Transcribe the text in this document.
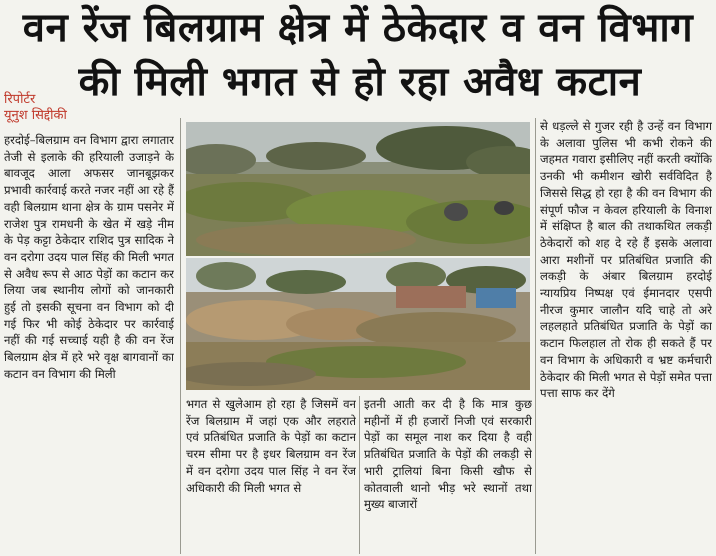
वन रेंज बिलग्राम क्षेत्र में ठेकेदार व वन विभाग
की मिली भगत से हो रहा अवैध कटान
रिपोर्टर
यूनुश सिद्दीकी
हरदोई–बिलग्राम वन विभाग द्वारा लगातार तेजी से इलाके की हरियाली उजाड़ने के बावजूद आला अफसर जानबूझकर प्रभावी कार्रवाई करते नजर नहीं आ रहे हैं वही बिलग्राम थाना क्षेत्र के ग्राम पसनेर में राजेश पुत्र रामधनी के खेत में खड़े नीम के पेड़ कट्टा ठेकेदार राशिद पुत्र सादिक ने वन दरोगा उदय पाल सिंह की मिली भगत से अवैध रूप से आठ पेड़ों का कटान कर लिया जब स्थानीय लोगों को जानकारी हुई तो इसकी सूचना वन विभाग को दी गई फिर भी कोई ठेकेदार पर कार्रवाई नहीं की गई सच्चाई यही है की वन रेंज बिलग्राम क्षेत्र में हरे भरे वृक्ष बागवानों का कटान वन विभाग की मिली
भगत से खुलेआम हो रहा है जिसमें वन रेंज बिलग्राम में जहां एक और लहराते एवं प्रतिबंधित प्रजाति के पेड़ों का कटान चरम सीमा पर है इधर बिलग्राम वन रेंज में वन दरोगा उदय पाल सिंह ने वन रेंज अधिकारी की मिली भगत से
इतनी आती कर दी है कि मात्र कुछ महीनों में ही हजारों निजी एवं सरकारी पेड़ों का समूल नाश कर दिया है वही प्रतिबंधित प्रजाति के पेड़ों की लकड़ी से भारी ट्रालियां बिना किसी खौफ से कोतवाली थानो भीड़ भरे स्थानों तथा मुख्य बाजारों
से धड़ल्ले से गुजर रही है उन्हें वन विभाग के अलावा पुलिस भी कभी रोकने की जहमत गवारा इसीलिए नहीं करती क्योंकि उनकी भी कमीशन खोरी सर्वविदित है जिससे सिद्ध हो रहा है की वन विभाग की संपूर्ण फौज न केवल हरियाली के विनाश में संक्षिप्त है बाल की तथाकथित लकड़ी ठेकेदारों को शह दे रहे हैं इसके अलावा आरा मशीनों पर प्रतिबंधित प्रजाति की लकड़ी के अंबार बिलग्राम हरदोई न्यायप्रिय निष्पक्ष एवं ईमानदार एसपी नीरज कुमार जालौन यदि चाहे तो अरे लहलहाते प्रतिबंधित प्रजाति के पेड़ों का कटान फिलहाल तो रोक ही सकते हैं पर वन विभाग के अधिकारी व भ्रष्ट कर्मचारी ठेकेदार की मिली भगत से पेड़ों समेत पत्ता पत्ता साफ कर देंगे
